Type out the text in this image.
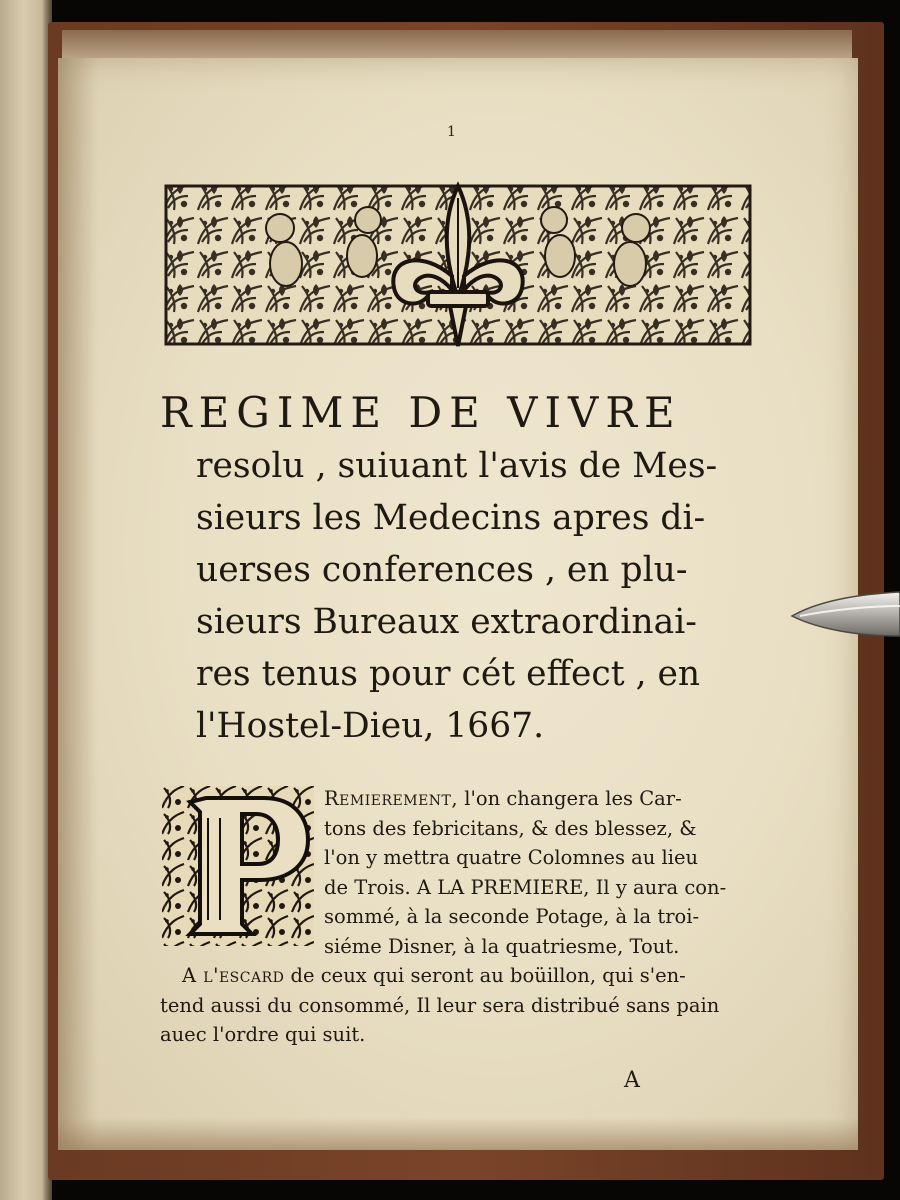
1
REGIME DE VIVRE
resolu , suiuant l'avis de Mes-
sieurs les Medecins apres di-
uerses conferences , en plu-
sieurs Bureaux extraordinai-
res tenus pour cét effect , en
l'Hostel-Dieu, 1667.
Remierement, l'on changera les Car-
tons des febricitans, & des blessez, &
l'on y mettra quatre Colomnes au lieu
de Trois. A LA PREMIERE, Il y aura con-
sommé, à la seconde Potage, à la troi-
siéme Disner, à la quatriesme, Tout.
A l'escard de ceux qui seront au boüillon, qui s'en-
tend aussi du consommé, Il leur sera distribué sans pain
auec l'ordre qui suit.
A
